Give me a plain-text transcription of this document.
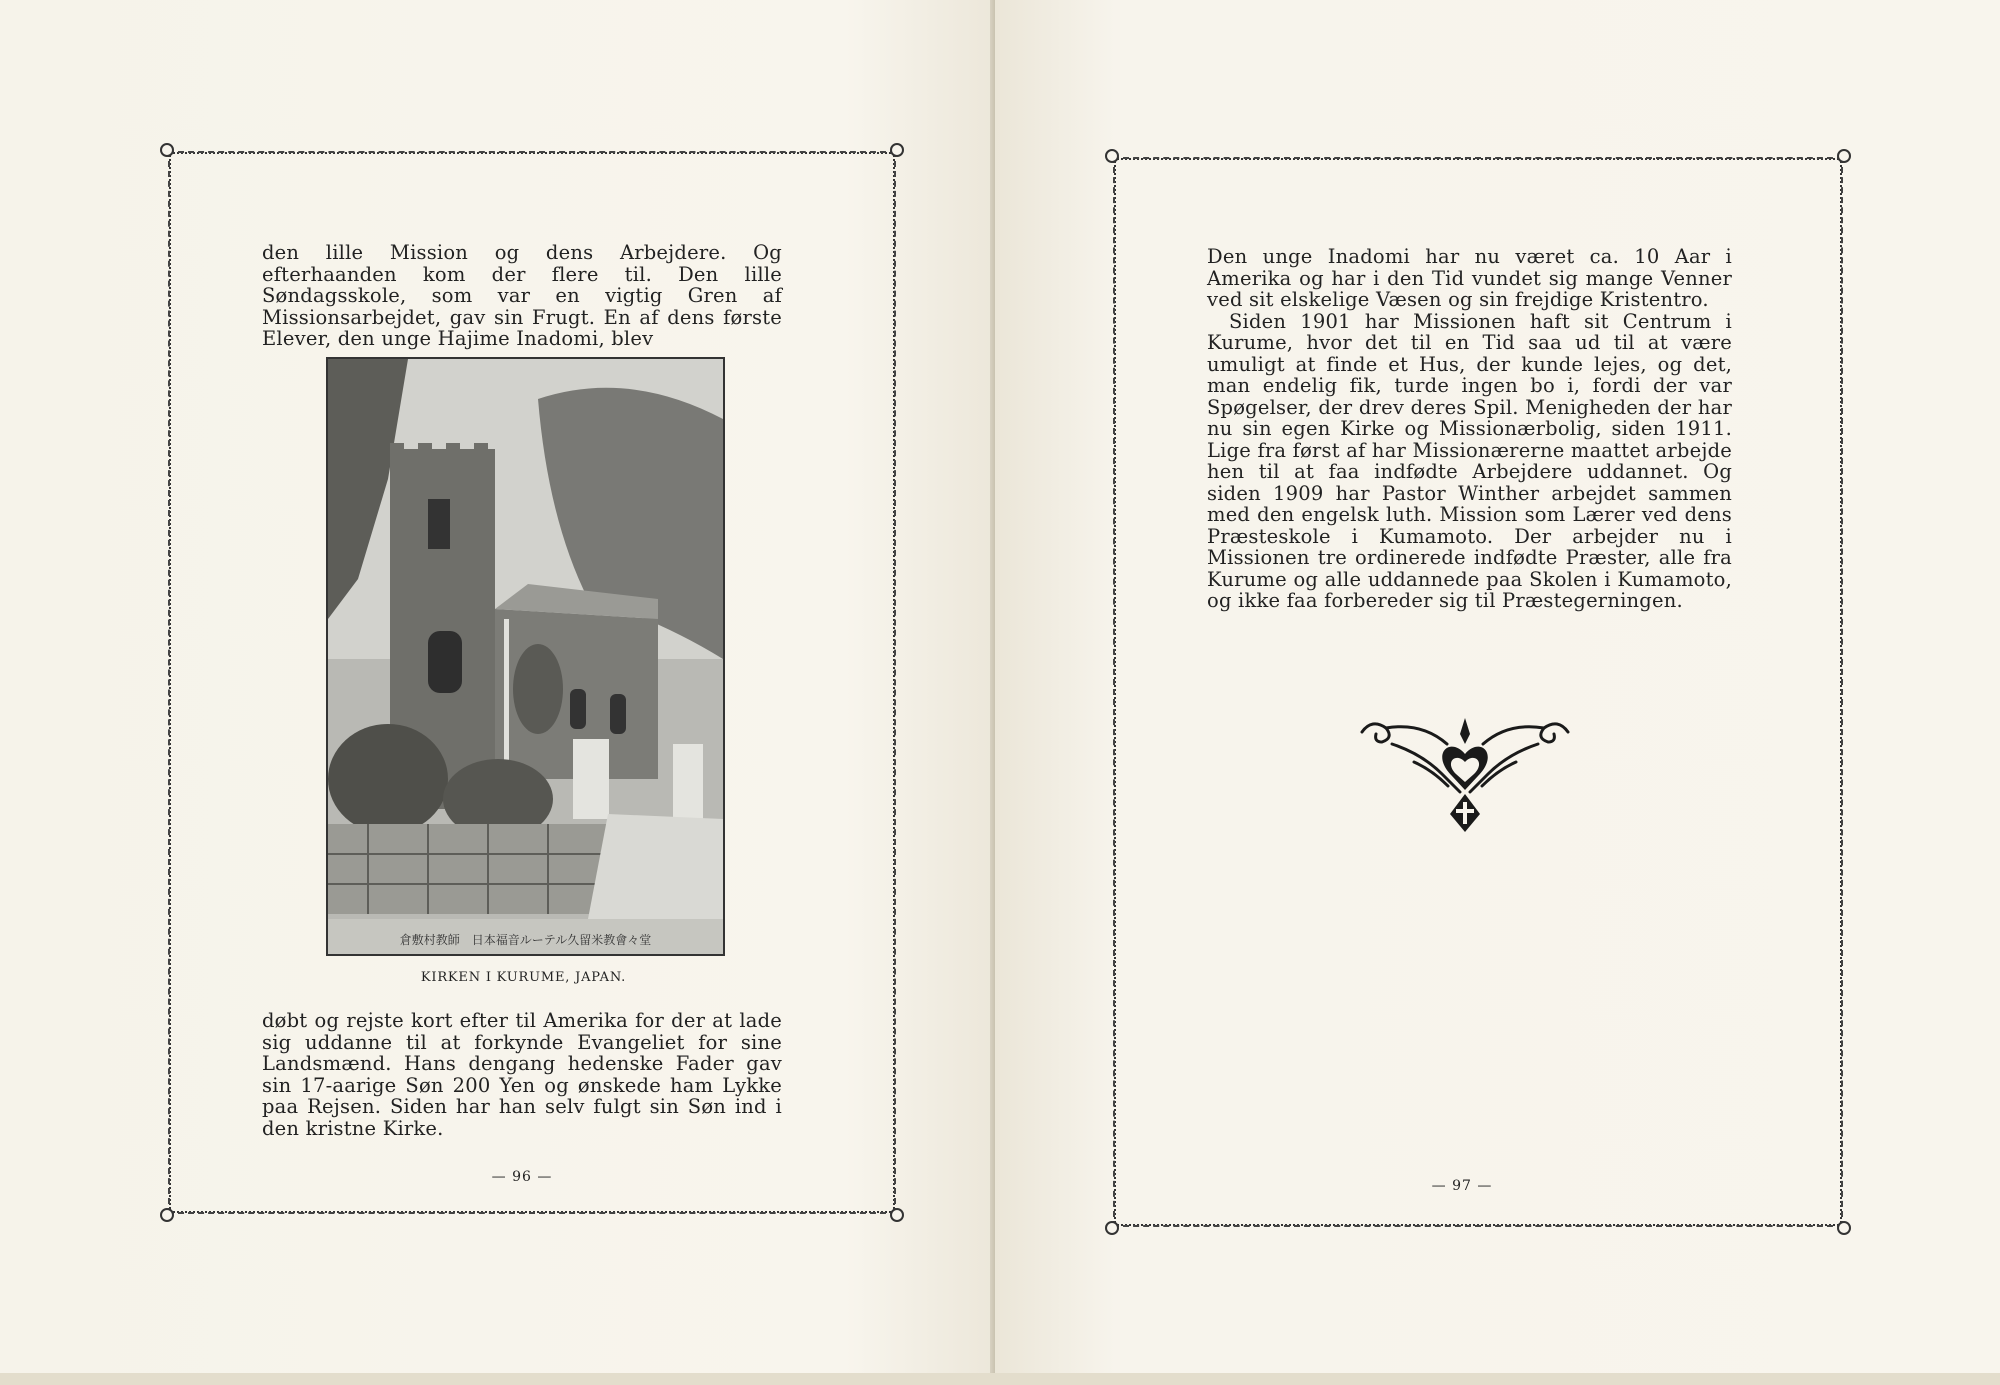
den lille Mission og dens Arbejdere. Og efterhaanden kom der flere til. Den lille Søndagsskole, som var en vigtig Gren af Missionsarbejdet, gav sin Frugt. En af dens første Elever, den unge Hajime Inadomi, blev

倉敷村教師　日本福音ルーテル久留米教會々堂
KIRKEN I KURUME, JAPAN.

døbt og rejste kort efter til Amerika for der at lade sig uddanne til at forkynde Evangeliet for sine Landsmænd. Hans dengang hedenske Fader gav sin 17-aarige Søn 200 Yen og ønskede ham Lykke paa Rejsen. Siden har han selv fulgt sin Søn ind i den kristne Kirke.

— 96 —

Den unge Inadomi har nu været ca. 10 Aar i Amerika og har i den Tid vundet sig mange Venner ved sit elskelige Væsen og sin frejdige Kristentro.

Siden 1901 har Missionen haft sit Centrum i Kurume, hvor det til en Tid saa ud til at være umuligt at finde et Hus, der kunde lejes, og det, man endelig fik, turde ingen bo i, fordi der var Spøgelser, der drev deres Spil. Menigheden der har nu sin egen Kirke og Missionærbolig, siden 1911. Lige fra først af har Missionærerne maattet arbejde hen til at faa indfødte Arbejdere uddannet. Og siden 1909 har Pastor Winther arbejdet sammen med den engelsk luth. Mission som Lærer ved dens Præsteskole i Kumamoto. Der arbejder nu i Missionen tre ordinerede indfødte Præster, alle fra Kurume og alle uddannede paa Skolen i Kumamoto, og ikke faa forbereder sig til Præstegerningen.

— 97 —
